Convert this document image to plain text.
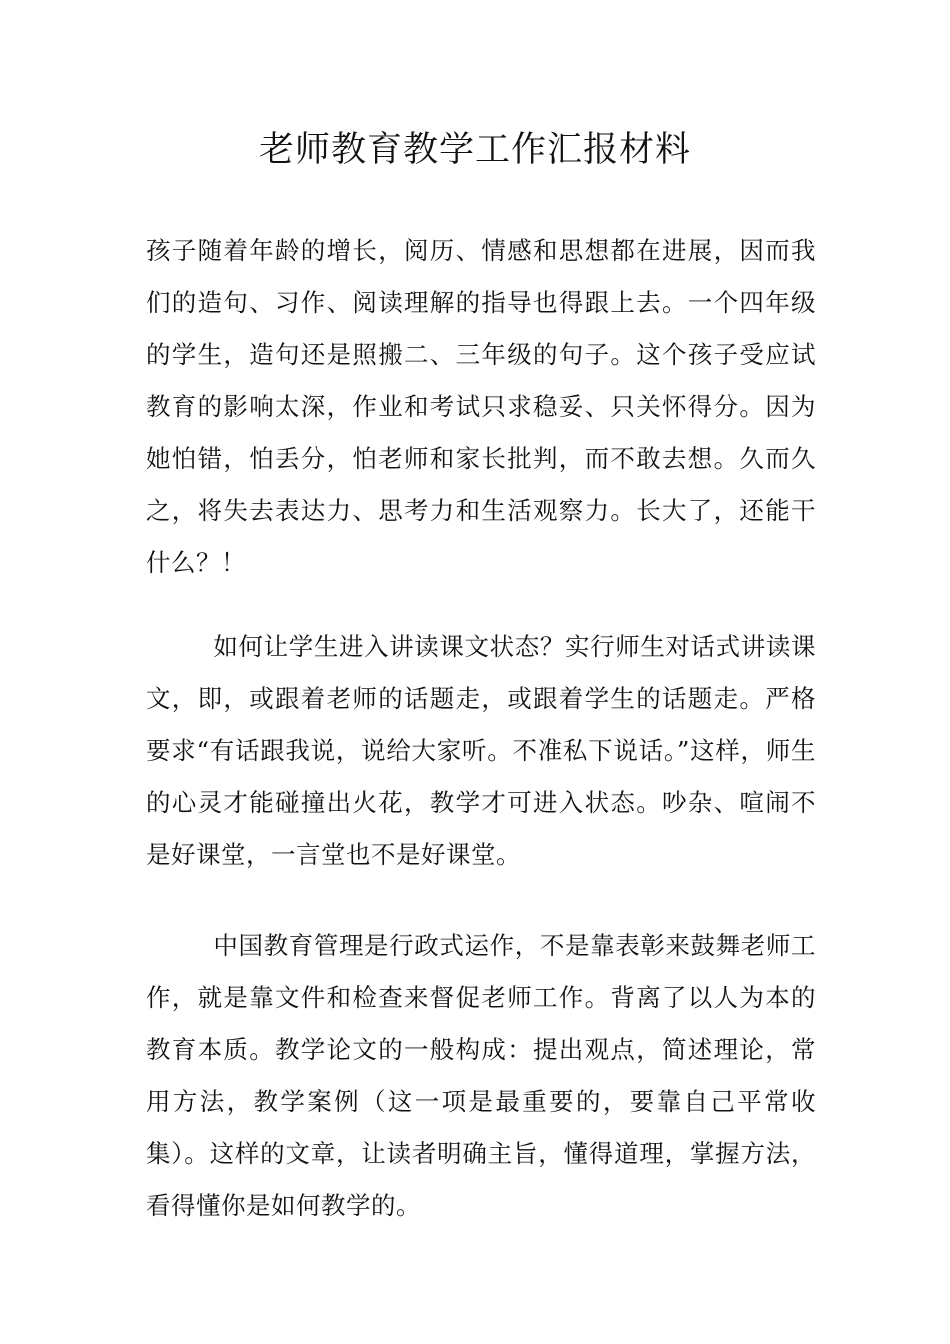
老师教育教学工作汇报材料

孩子随着年龄的增长，阅历、情感和思想都在进展，因而我们的造句、习作、阅读理解的指导也得跟上去。一个四年级的学生，造句还是照搬二、三年级的句子。这个孩子受应试教育的影响太深，作业和考试只求稳妥、只关怀得分。因为她怕错，怕丢分，怕老师和家长批判，而不敢去想。久而久之，将失去表达力、思考力和生活观察力。长大了，还能干什么？！

如何让学生进入讲读课文状态？实行师生对话式讲读课文，即，或跟着老师的话题走，或跟着学生的话题走。严格要求“有话跟我说，说给大家听。不准私下说话。”这样，师生的心灵才能碰撞出火花，教学才可进入状态。吵杂、喧闹不是好课堂，一言堂也不是好课堂。

中国教育管理是行政式运作，不是靠表彰来鼓舞老师工作，就是靠文件和检查来督促老师工作。背离了以人为本的教育本质。教学论文的一般构成：提出观点，简述理论，常用方法，教学案例（这一项是最重要的，要靠自己平常收集）。这样的文章，让读者明确主旨，懂得道理，掌握方法，看得懂你是如何教学的。
